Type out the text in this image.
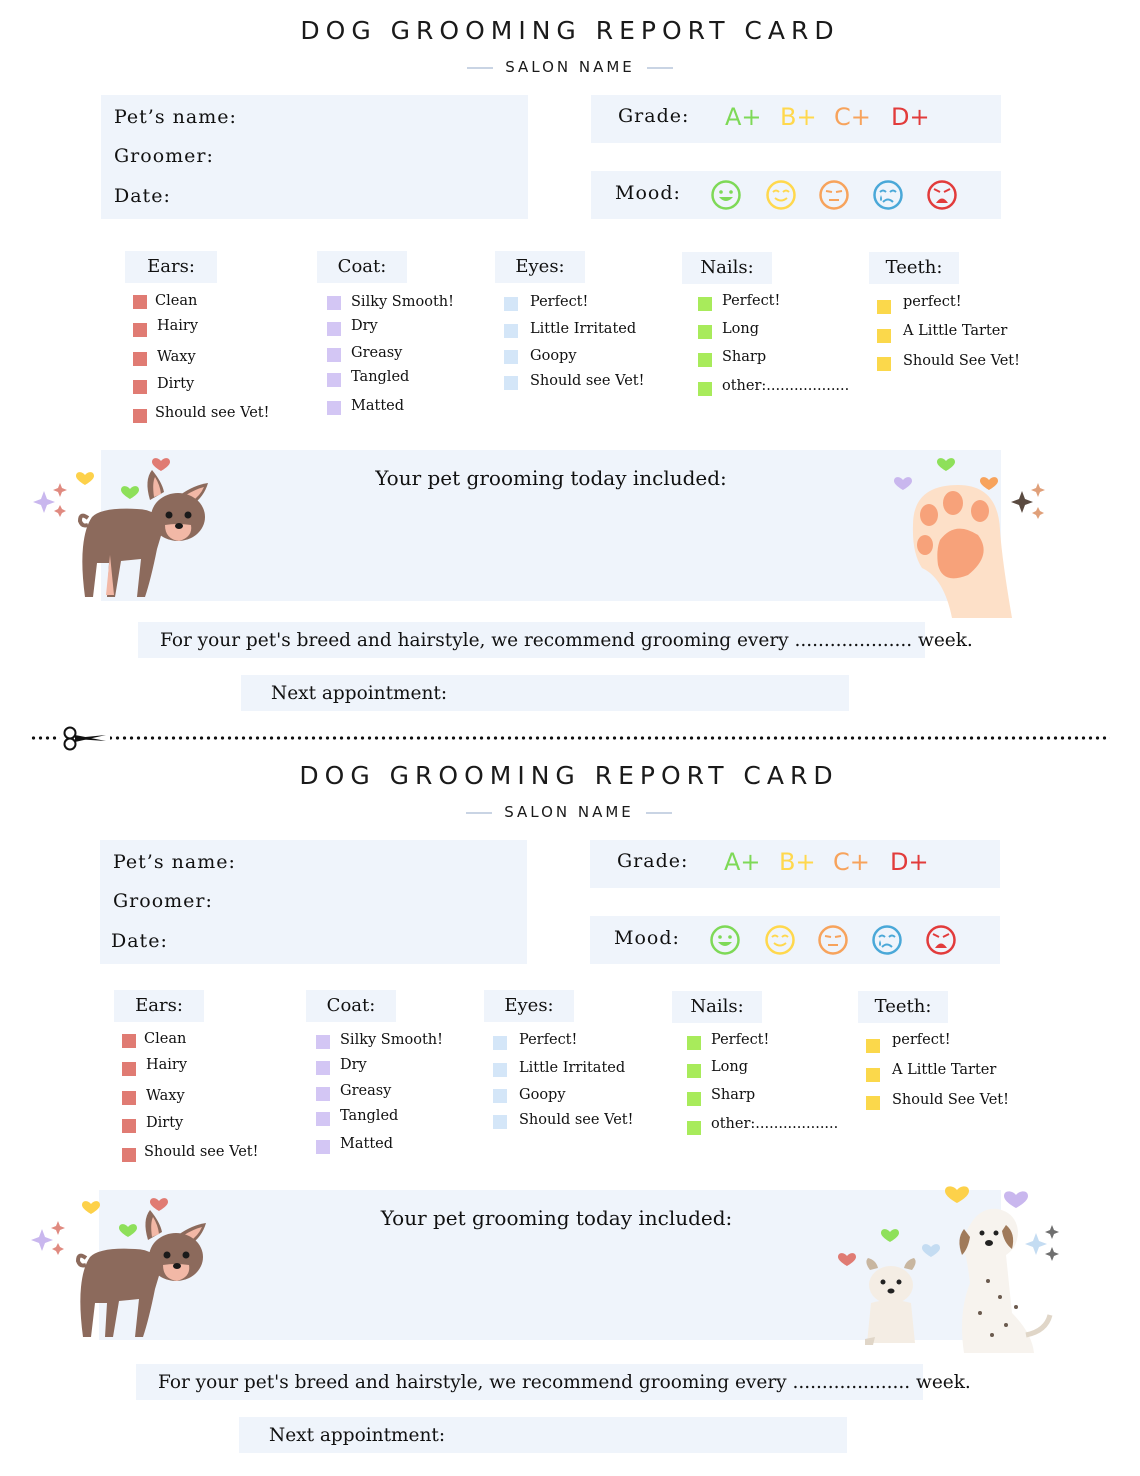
DOG GROOMING REPORT CARD
SALON NAME
Pet’s name:
Groomer:
Date:
Grade: A+ B+ C+ D+
Mood:
Ears:
Clean
Hairy
Waxy
Dirty
Should see Vet!
Coat:
Silky Smooth!
Dry
Greasy
Tangled
Matted
Eyes:
Perfect!
Little Irritated
Goopy
Should see Vet!
Nails:
Perfect!
Long
Sharp
other:..................
Teeth:
perfect!
A Little Tarter
Should See Vet!
Your pet grooming today included:
For your pet's breed and hairstyle, we recommend grooming every .................... week.
Next appointment:
DOG GROOMING REPORT CARD
SALON NAME
Pet’s name:
Groomer:
Date:
Grade: A+ B+ C+ D+
Mood:
Ears:
Clean
Hairy
Waxy
Dirty
Should see Vet!
Coat:
Silky Smooth!
Dry
Greasy
Tangled
Matted
Eyes:
Perfect!
Little Irritated
Goopy
Should see Vet!
Nails:
Perfect!
Long
Sharp
other:..................
Teeth:
perfect!
A Little Tarter
Should See Vet!
Your pet grooming today included:
For your pet's breed and hairstyle, we recommend grooming every .................... week.
Next appointment:
